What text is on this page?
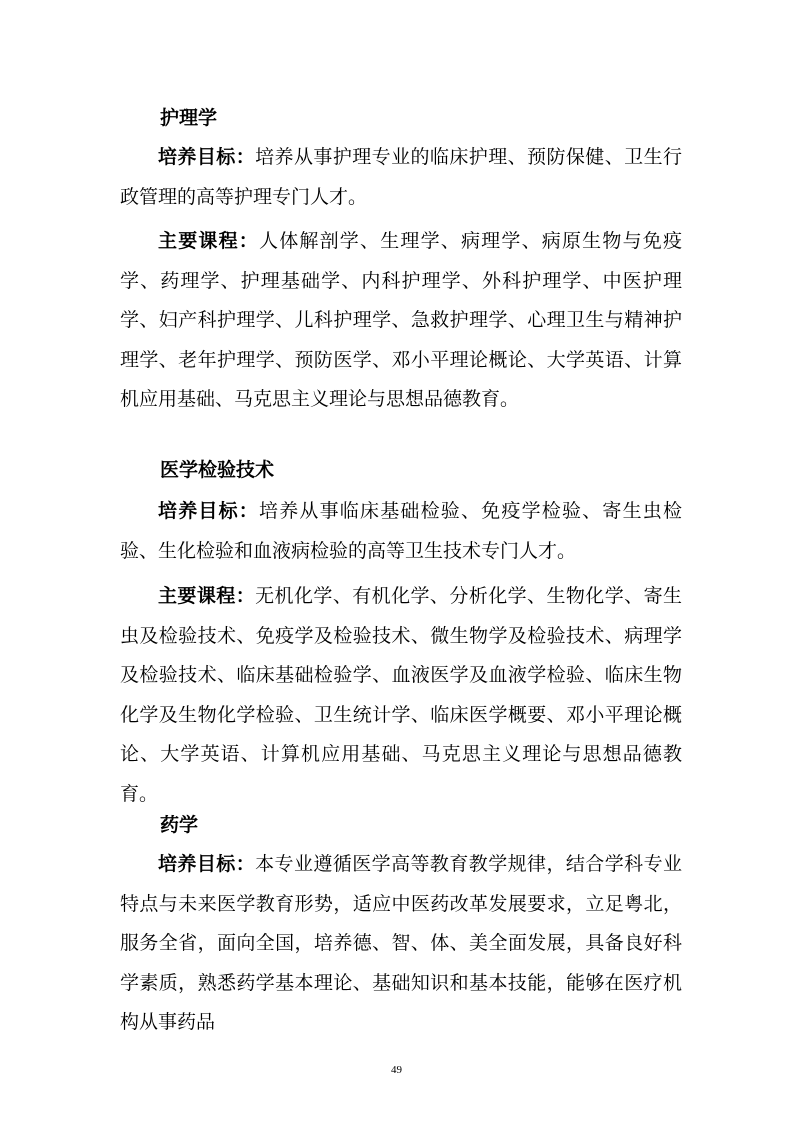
护理学

培养目标：培养从事护理专业的临床护理、预防保健、卫生行政管理的高等护理专门人才。

主要课程：人体解剖学、生理学、病理学、病原生物与免疫学、药理学、护理基础学、内科护理学、外科护理学、中医护理学、妇产科护理学、儿科护理学、急救护理学、心理卫生与精神护理学、老年护理学、预防医学、邓小平理论概论、大学英语、计算机应用基础、马克思主义理论与思想品德教育。

医学检验技术

培养目标：培养从事临床基础检验、免疫学检验、寄生虫检验、生化检验和血液病检验的高等卫生技术专门人才。

主要课程：无机化学、有机化学、分析化学、生物化学、寄生虫及检验技术、免疫学及检验技术、微生物学及检验技术、病理学及检验技术、临床基础检验学、血液医学及血液学检验、临床生物化学及生物化学检验、卫生统计学、临床医学概要、邓小平理论概论、大学英语、计算机应用基础、马克思主义理论与思想品德教育。

药学

培养目标：本专业遵循医学高等教育教学规律，结合学科专业特点与未来医学教育形势，适应中医药改革发展要求，立足粤北，服务全省，面向全国，培养德、智、体、美全面发展，具备良好科学素质，熟悉药学基本理论、基础知识和基本技能，能够在医疗机构从事药品

49
